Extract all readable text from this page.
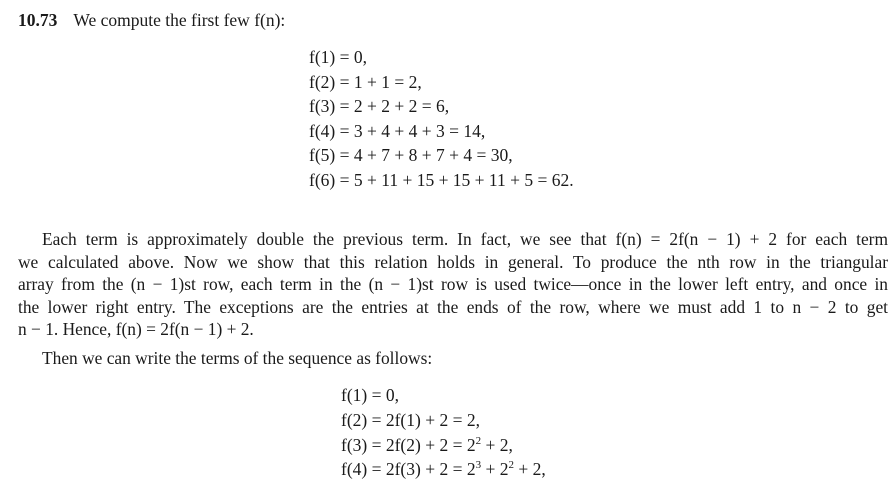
10.73 We compute the first few f(n):
f(1) = 0,
f(2) = 1 + 1 = 2,
f(3) = 2 + 2 + 2 = 6,
f(4) = 3 + 4 + 4 + 3 = 14,
f(5) = 4 + 7 + 8 + 7 + 4 = 30,
f(6) = 5 + 11 + 15 + 15 + 11 + 5 = 62.
Each term is approximately double the previous term. In fact, we see that f(n) = 2f(n − 1) + 2 for each term
we calculated above. Now we show that this relation holds in general. To produce the nth row in the triangular
array from the (n − 1)st row, each term in the (n − 1)st row is used twice—once in the lower left entry, and once in
the lower right entry. The exceptions are the entries at the ends of the row, where we must add 1 to n − 2 to get
n − 1. Hence, f(n) = 2f(n − 1) + 2.
Then we can write the terms of the sequence as follows:
f(1) = 0,
f(2) = 2f(1) + 2 = 2,
$f(3) = 2f(2) + 2 = 2^2 + 2$,
$f(4) = 2f(3) + 2 = 2^3 + 2^2 + 2$,
